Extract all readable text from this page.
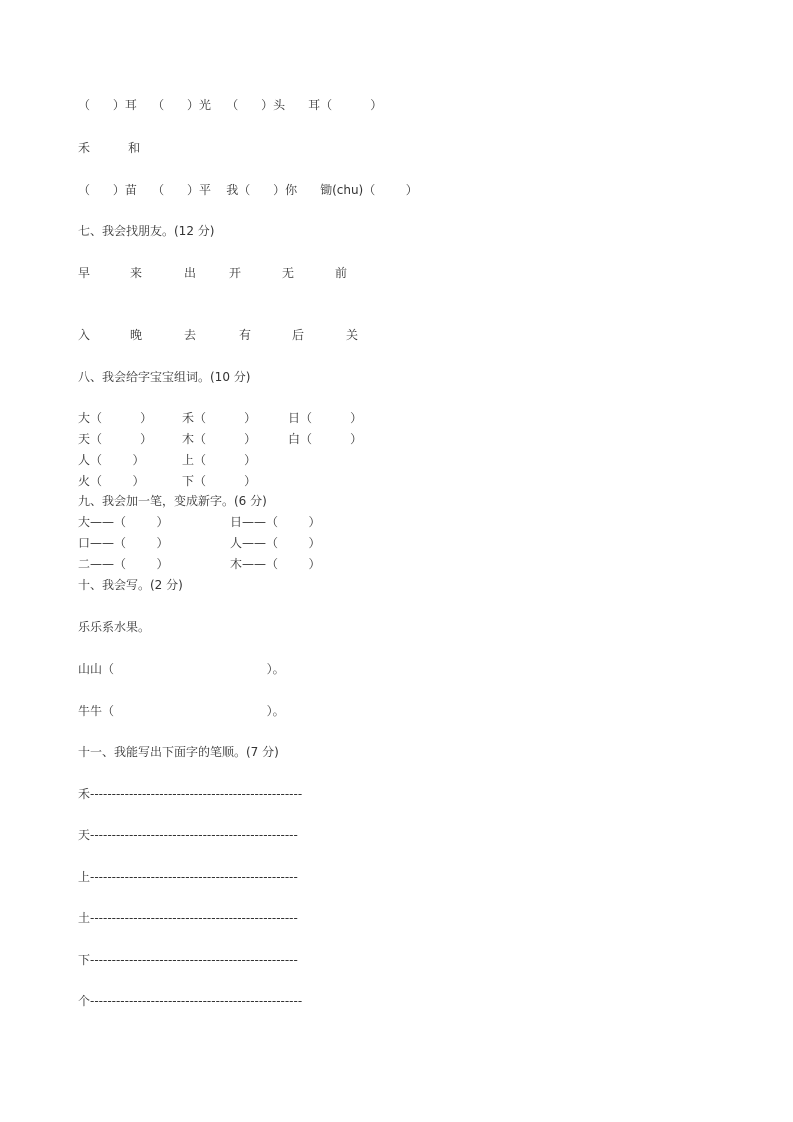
（      ）耳    （      ）光    （      ）头      耳（          ）
禾          和
（      ）苗    （      ）平    我（      ）你      锄(chu)（        ）
七、我会找朋友。(12 分)
早	来	出	开	无	前
入	晚	去	有	后	关
八、我会给字宝宝组词。(10 分)
大（          ） 禾（          ）	日（          ）
天（          ） 木（          ）	白（          ）
人（        ）	上（          ）
火（        ）	下（          ）
九、我会加一笔，变成新字。(6 分)
大——（        ）	日——（        ）
口——（        ）	人——（        ）
二——（        ）	木——（        ）
十、我会写。(2 分)
乐乐系水果。
山山（                                        ）。
牛牛（                                        ）。
十一、我能写出下面字的笔顺。(7 分)
禾-------------------------------------------------
天------------------------------------------------
上------------------------------------------------
土------------------------------------------------
下------------------------------------------------
个-------------------------------------------------
